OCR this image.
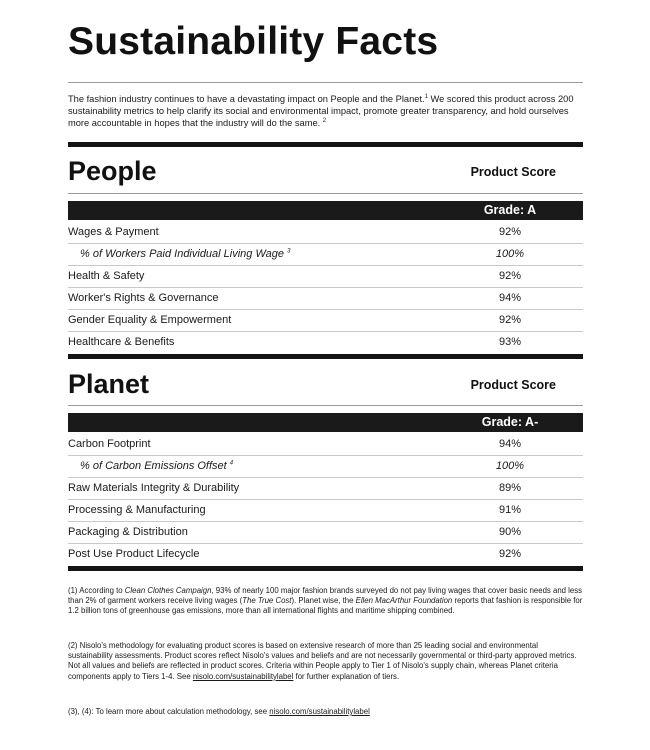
Sustainability Facts
The fashion industry continues to have a devastating impact on People and the Planet.$^1$ We scored this product across 200 sustainability metrics to help clarify its social and environmental impact, promote greater transparency, and hold ourselves more accountable in hopes that the industry will do the same. $^2$
People	Product Score
Grade: A
Wages & Payment	92%
% of Workers Paid Individual Living Wage $^3$	100%
Health & Safety	92%
Worker's Rights & Governance	94%
Gender Equality & Empowerment	92%
Healthcare & Benefits	93%
Planet	Product Score
Grade: A-
Carbon Footprint	94%
% of Carbon Emissions Offset $^4$	100%
Raw Materials Integrity & Durability	89%
Processing & Manufacturing	91%
Packaging & Distribution	90%
Post Use Product Lifecycle	92%
(1) According to Clean Clothes Campaign, 93% of nearly 100 major fashion brands surveyed do not pay living wages that cover basic needs and less than 2% of garment workers receive living wages (The True Cost). Planet wise, the Ellen MacArthur Foundation reports that fashion is responsible for 1.2 billion tons of greenhouse gas emissions, more than all international flights and maritime shipping combined.
(2) Nisolo's methodology for evaluating product scores is based on extensive research of more than 25 leading social and environmental sustainability assessments. Product scores reflect Nisolo's values and beliefs and are not necessarily governmental or third-party approved metrics. Not all values and beliefs are reflected in product scores. Criteria within People apply to Tier 1 of Nisolo's supply chain, whereas Planet criteria components apply to Tiers 1-4. See nisolo.com/sustainabilitylabel for further explanation of tiers.
(3), (4): To learn more about calculation methodology, see nisolo.com/sustainabilitylabel
